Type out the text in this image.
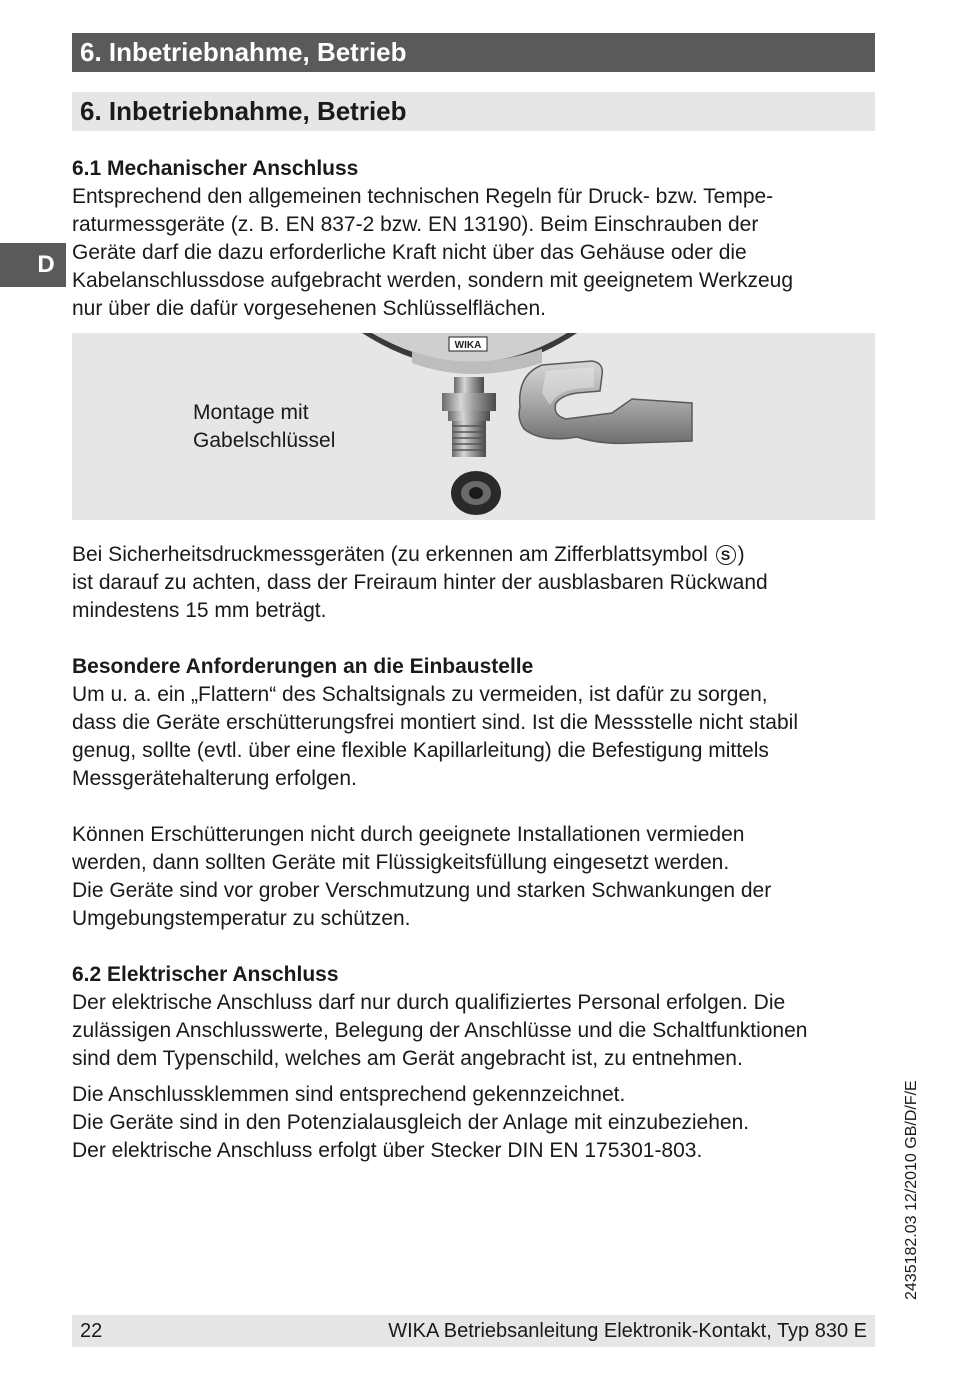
6. Inbetriebnahme, Betrieb
6. Inbetriebnahme, Betrieb
D
6.1 Mechanischer Anschluss

Entsprechend den allgemeinen technischen Regeln für Druck- bzw. Tempe-

raturmessgeräte (z. B. EN 837-2 bzw. EN 13190). Beim Einschrauben der

Geräte darf die dazu erforderliche Kraft nicht über das Gehäuse oder die

Kabelanschlussdose aufgebracht werden, sondern mit geeignetem Werkzeug

nur über die dafür vorgesehenen Schlüsselflächen.

Montage mit
Gabelschlüssel
WIKA

Bei Sicherheitsdruckmessgeräten (zu erkennen am Zifferblattsymbol S )

ist darauf zu achten, dass der Freiraum hinter der ausblasbaren Rückwand

mindestens 15 mm beträgt.

Besondere Anforderungen an die Einbaustelle

Um u. a. ein „Flattern“ des Schaltsignals zu vermeiden, ist dafür zu sorgen,

dass die Geräte erschütterungsfrei montiert sind. Ist die Messstelle nicht stabil

genug, sollte (evtl. über eine flexible Kapillarleitung) die Befestigung mittels

Messgerätehalterung erfolgen.

Können Erschütterungen nicht durch geeignete Installationen vermieden

werden, dann sollten Geräte mit Flüssigkeitsfüllung eingesetzt werden.

Die Geräte sind vor grober Verschmutzung und starken Schwankungen der

Umgebungstemperatur zu schützen.

6.2 Elektrischer Anschluss

Der elektrische Anschluss darf nur durch qualifiziertes Personal erfolgen. Die

zulässigen Anschlusswerte, Belegung der Anschlüsse und die Schaltfunktionen

sind dem Typenschild, welches am Gerät angebracht ist, zu entnehmen.

Die Anschlussklemmen sind entsprechend gekennzeichnet.

Die Geräte sind in den Potenzialausgleich der Anlage mit einzubeziehen.

Der elektrische Anschluss erfolgt über Stecker DIN EN 175301-803.	2435182.03 12/2010 GB/D/F/E
22	WIKA Betriebsanleitung Elektronik-Kontakt, Typ 830 E
